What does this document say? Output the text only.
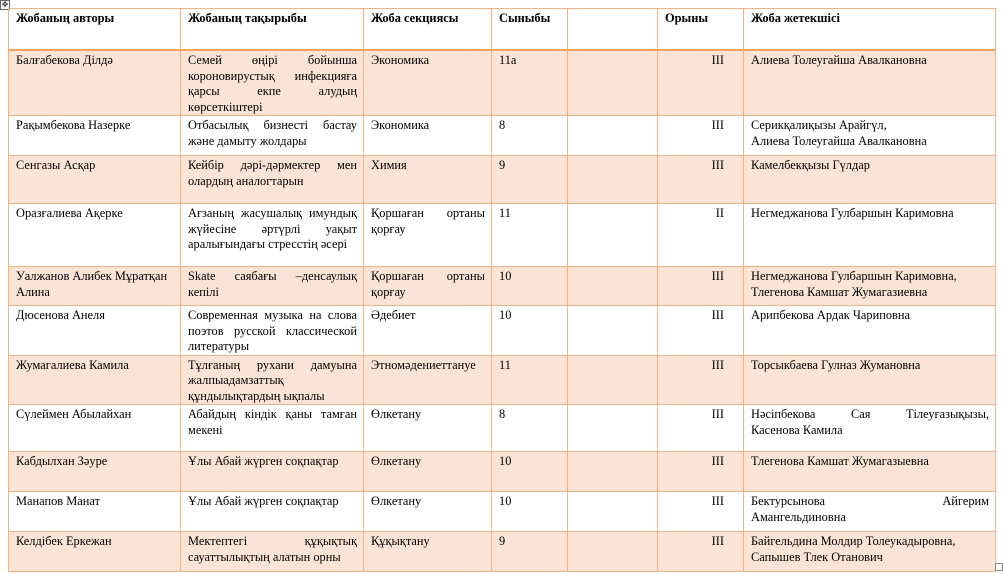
✥
Жобаның авторы	Жобаның тақырыбы	Жоба секциясы	Сыныбы		Орыны	Жоба жетекшісі
Балғабекова Ділдә	Семей өңірі бойынша короновирустық инфекцияға қарсы екпе алудың көрсеткіштері	Экономика	11а		ІІІ	Алиева Толеугайша Авалкановна

Рақымбекова Назерке	Отбасылық бизнесті бастау және дамыту жолдары	Экономика	8		ІІІ	Серикқалиқызы Арайгүл,
Алиева Толеугайша Авалкановна

Сенгазы Асқар	Кейбір дәрі-дәрмектер мен олардың аналогтарын	Химия	9		ІІІ	Камелбекқызы Гүлдар

Оразғалиева Ақерке	Ағзаның жасушалық имундық жүйесіне әртүрлі уақыт аралығындағы стресстің әсері	Қоршаған ортаны қорғау	11		ІІ	Негмеджанова Гулбаршын Каримовна

Уалжанов Алибек Мұратқан Алина	Skate саябағы –денсаулық кепілі	Қоршаған ортаны қорғау	10		ІІІ	Негмеджанова Гулбаршын Каримовна,
Тлегенова Камшат Жумагазиевна

Дюсенова Анеля	Современная музыка на слова поэтов русской классической литературы	Әдебиет	10		ІІІ	Арипбекова Ардак Чариповна

Жумагалиева Камила	Тұлғаның рухани дамуына жалпыадамзаттық құндылықтардың ықпалы	Этномәдениеттануе	11		ІІІ	Торсыкбаева Гулназ Жумановна

Сүлеймен Абылайхан	Абайдың кіндік қаны тамған мекені	Өлкетану	8		ІІІ	Нәсіпбекова Сая Тілеуғазықызы,
Касенова Камила

Кабдылхан Зәуре	Ұлы Абай жүрген соқпақтар	Өлкетану	10		ІІІ	Тлегенова Камшат Жумагазыевна

Манапов Манат	Ұлы Абай жүрген соқпақтар	Өлкетану	10		ІІІ	Бектурсынова Айгерим
Амангельдиновна

Келдібек Еркежан	Мектептегі құқықтық сауаттылықтың алатын орны	Құқықтану	9		ІІІ	Байгельдина Молдир Толеукадыровна,
Сапышев Тлек Отанович
